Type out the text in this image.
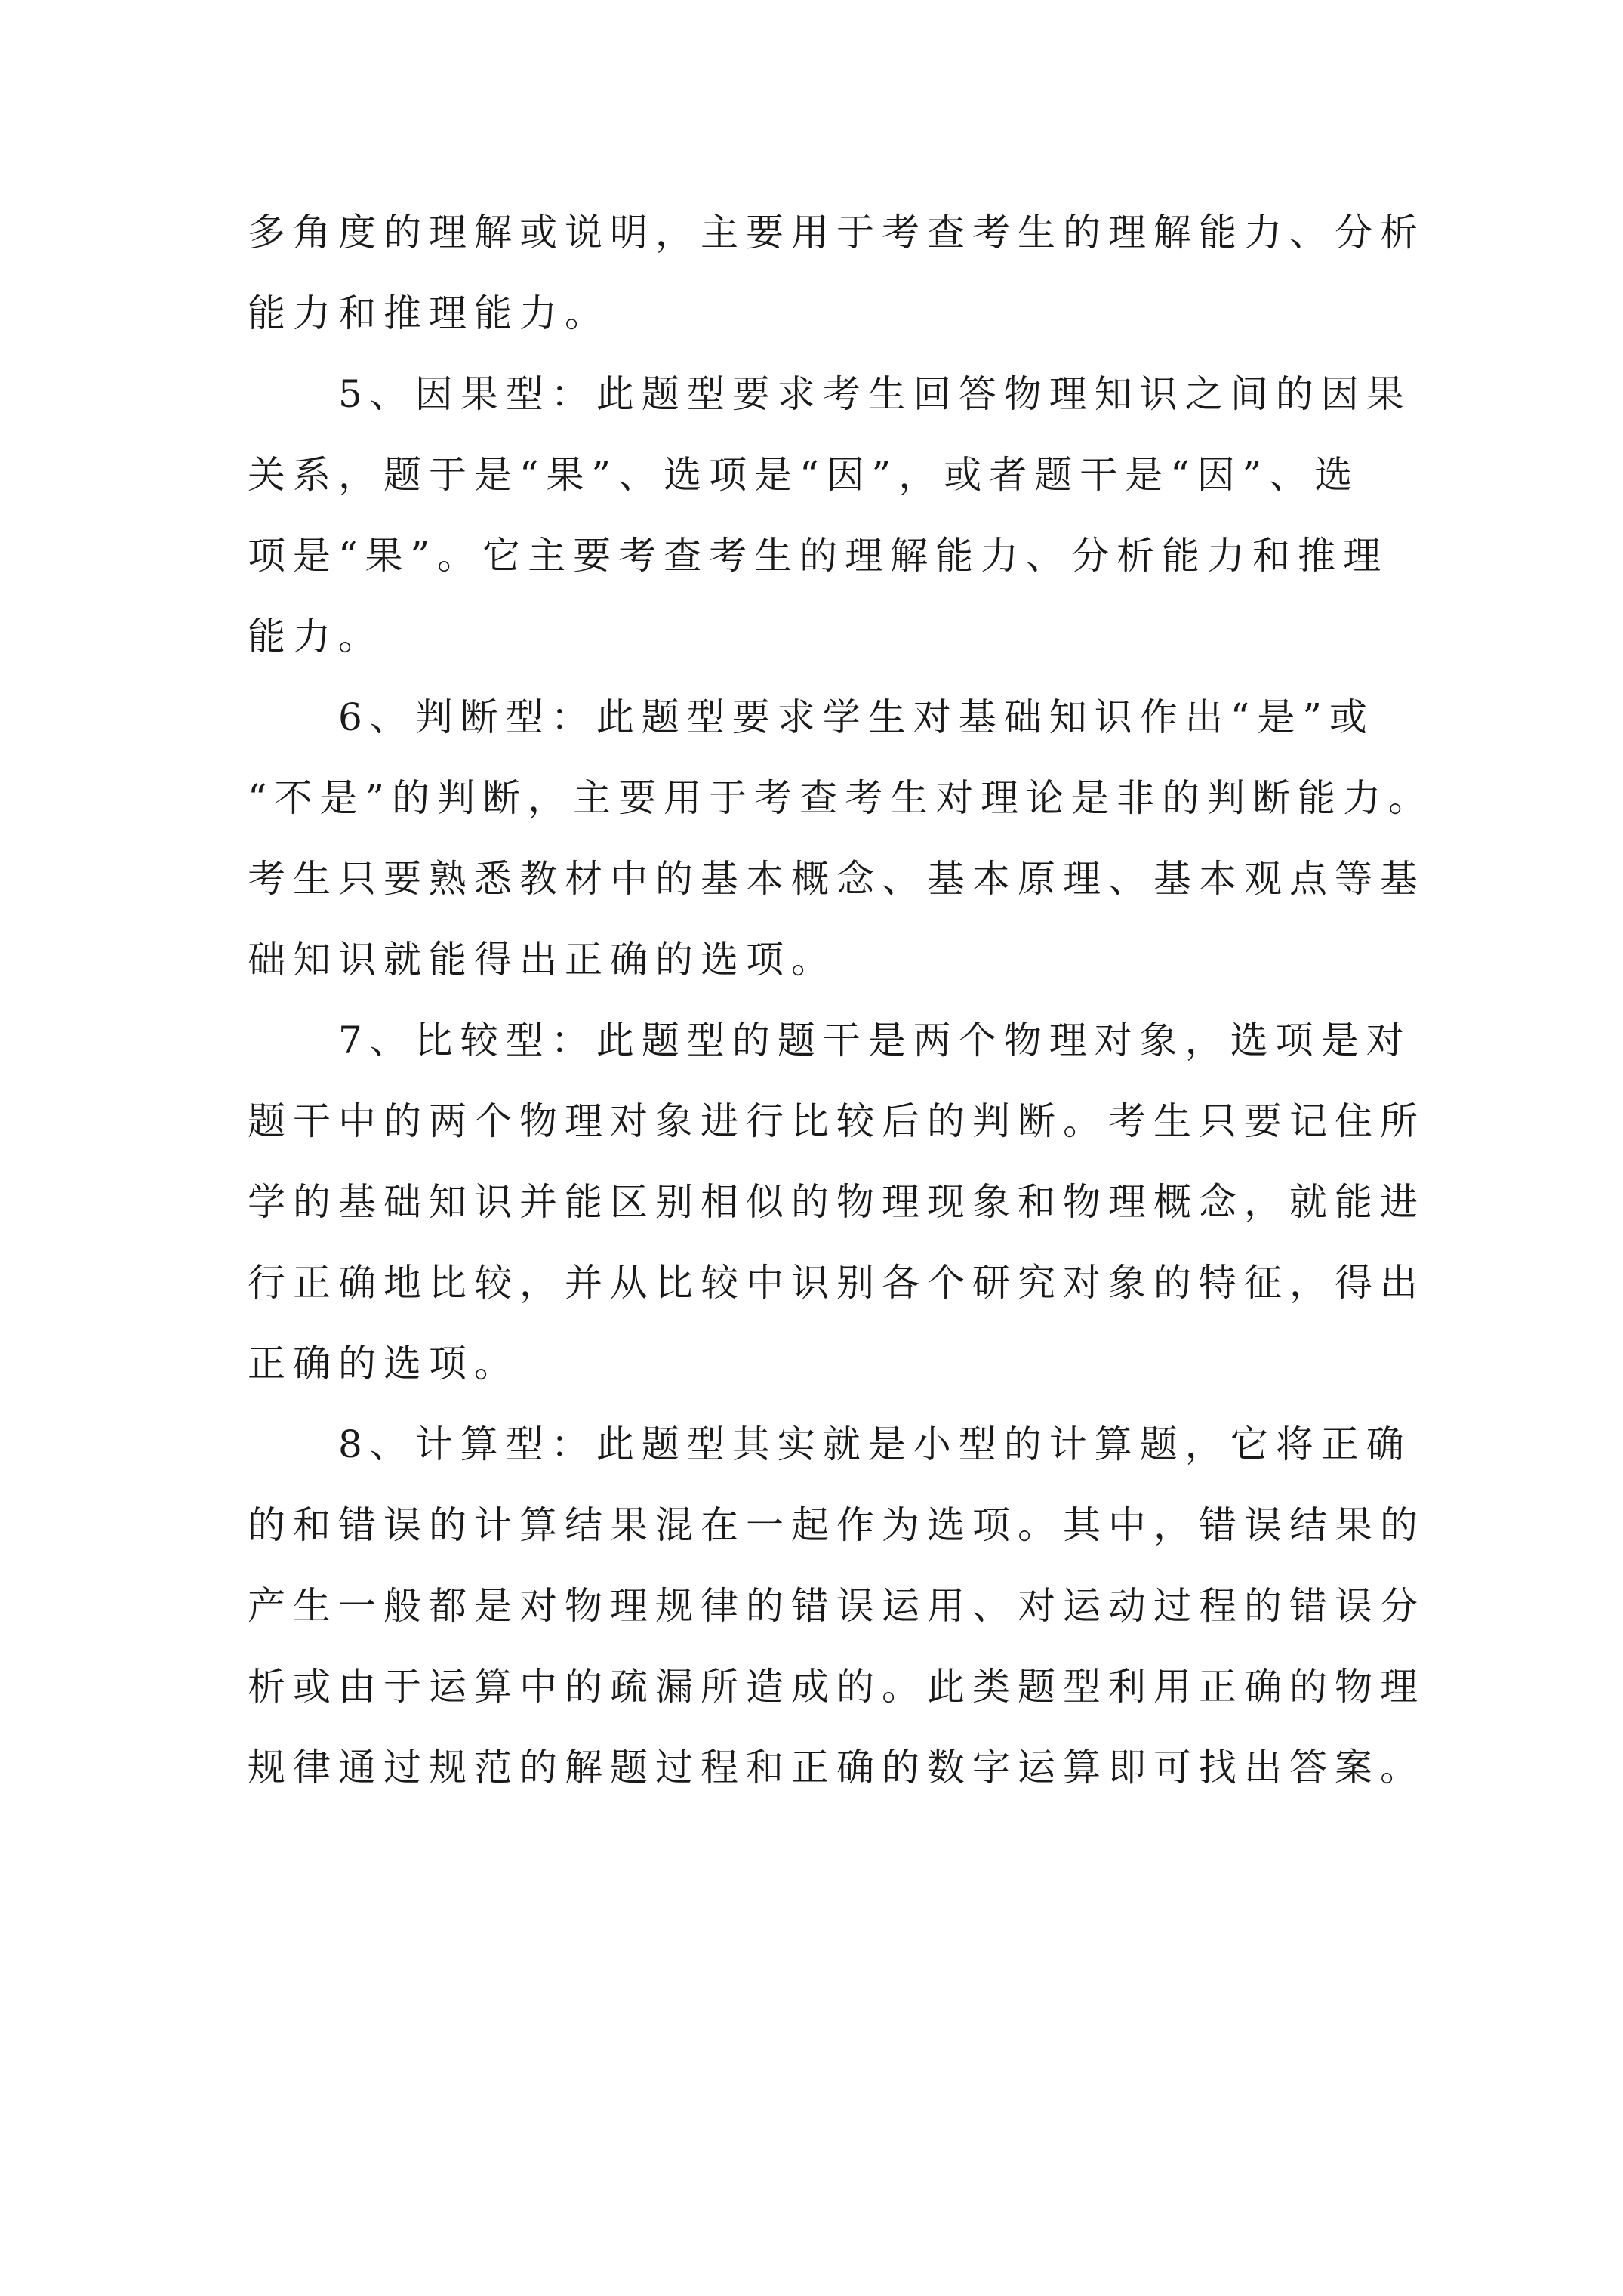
多角度的理解或说明，主要用于考查考生的理解能力、分析
能力和推理能力。
5、因果型：此题型要求考生回答物理知识之间的因果
关系，题于是“果”、选项是“因”，或者题干是“因”、选
项是“果”。它主要考查考生的理解能力、分析能力和推理
能力。
6、判断型：此题型要求学生对基础知识作出“是”或
“不是”的判断，主要用于考查考生对理论是非的判断能力。
考生只要熟悉教材中的基本概念、基本原理、基本观点等基
础知识就能得出正确的选项。
7、比较型：此题型的题干是两个物理对象，选项是对
题干中的两个物理对象进行比较后的判断。考生只要记住所
学的基础知识并能区别相似的物理现象和物理概念，就能进
行正确地比较，并从比较中识别各个研究对象的特征，得出
正确的选项。
8、计算型：此题型其实就是小型的计算题，它将正确
的和错误的计算结果混在一起作为选项。其中，错误结果的
产生一般都是对物理规律的错误运用、对运动过程的错误分
析或由于运算中的疏漏所造成的。此类题型利用正确的物理
规律通过规范的解题过程和正确的数字运算即可找出答案。
